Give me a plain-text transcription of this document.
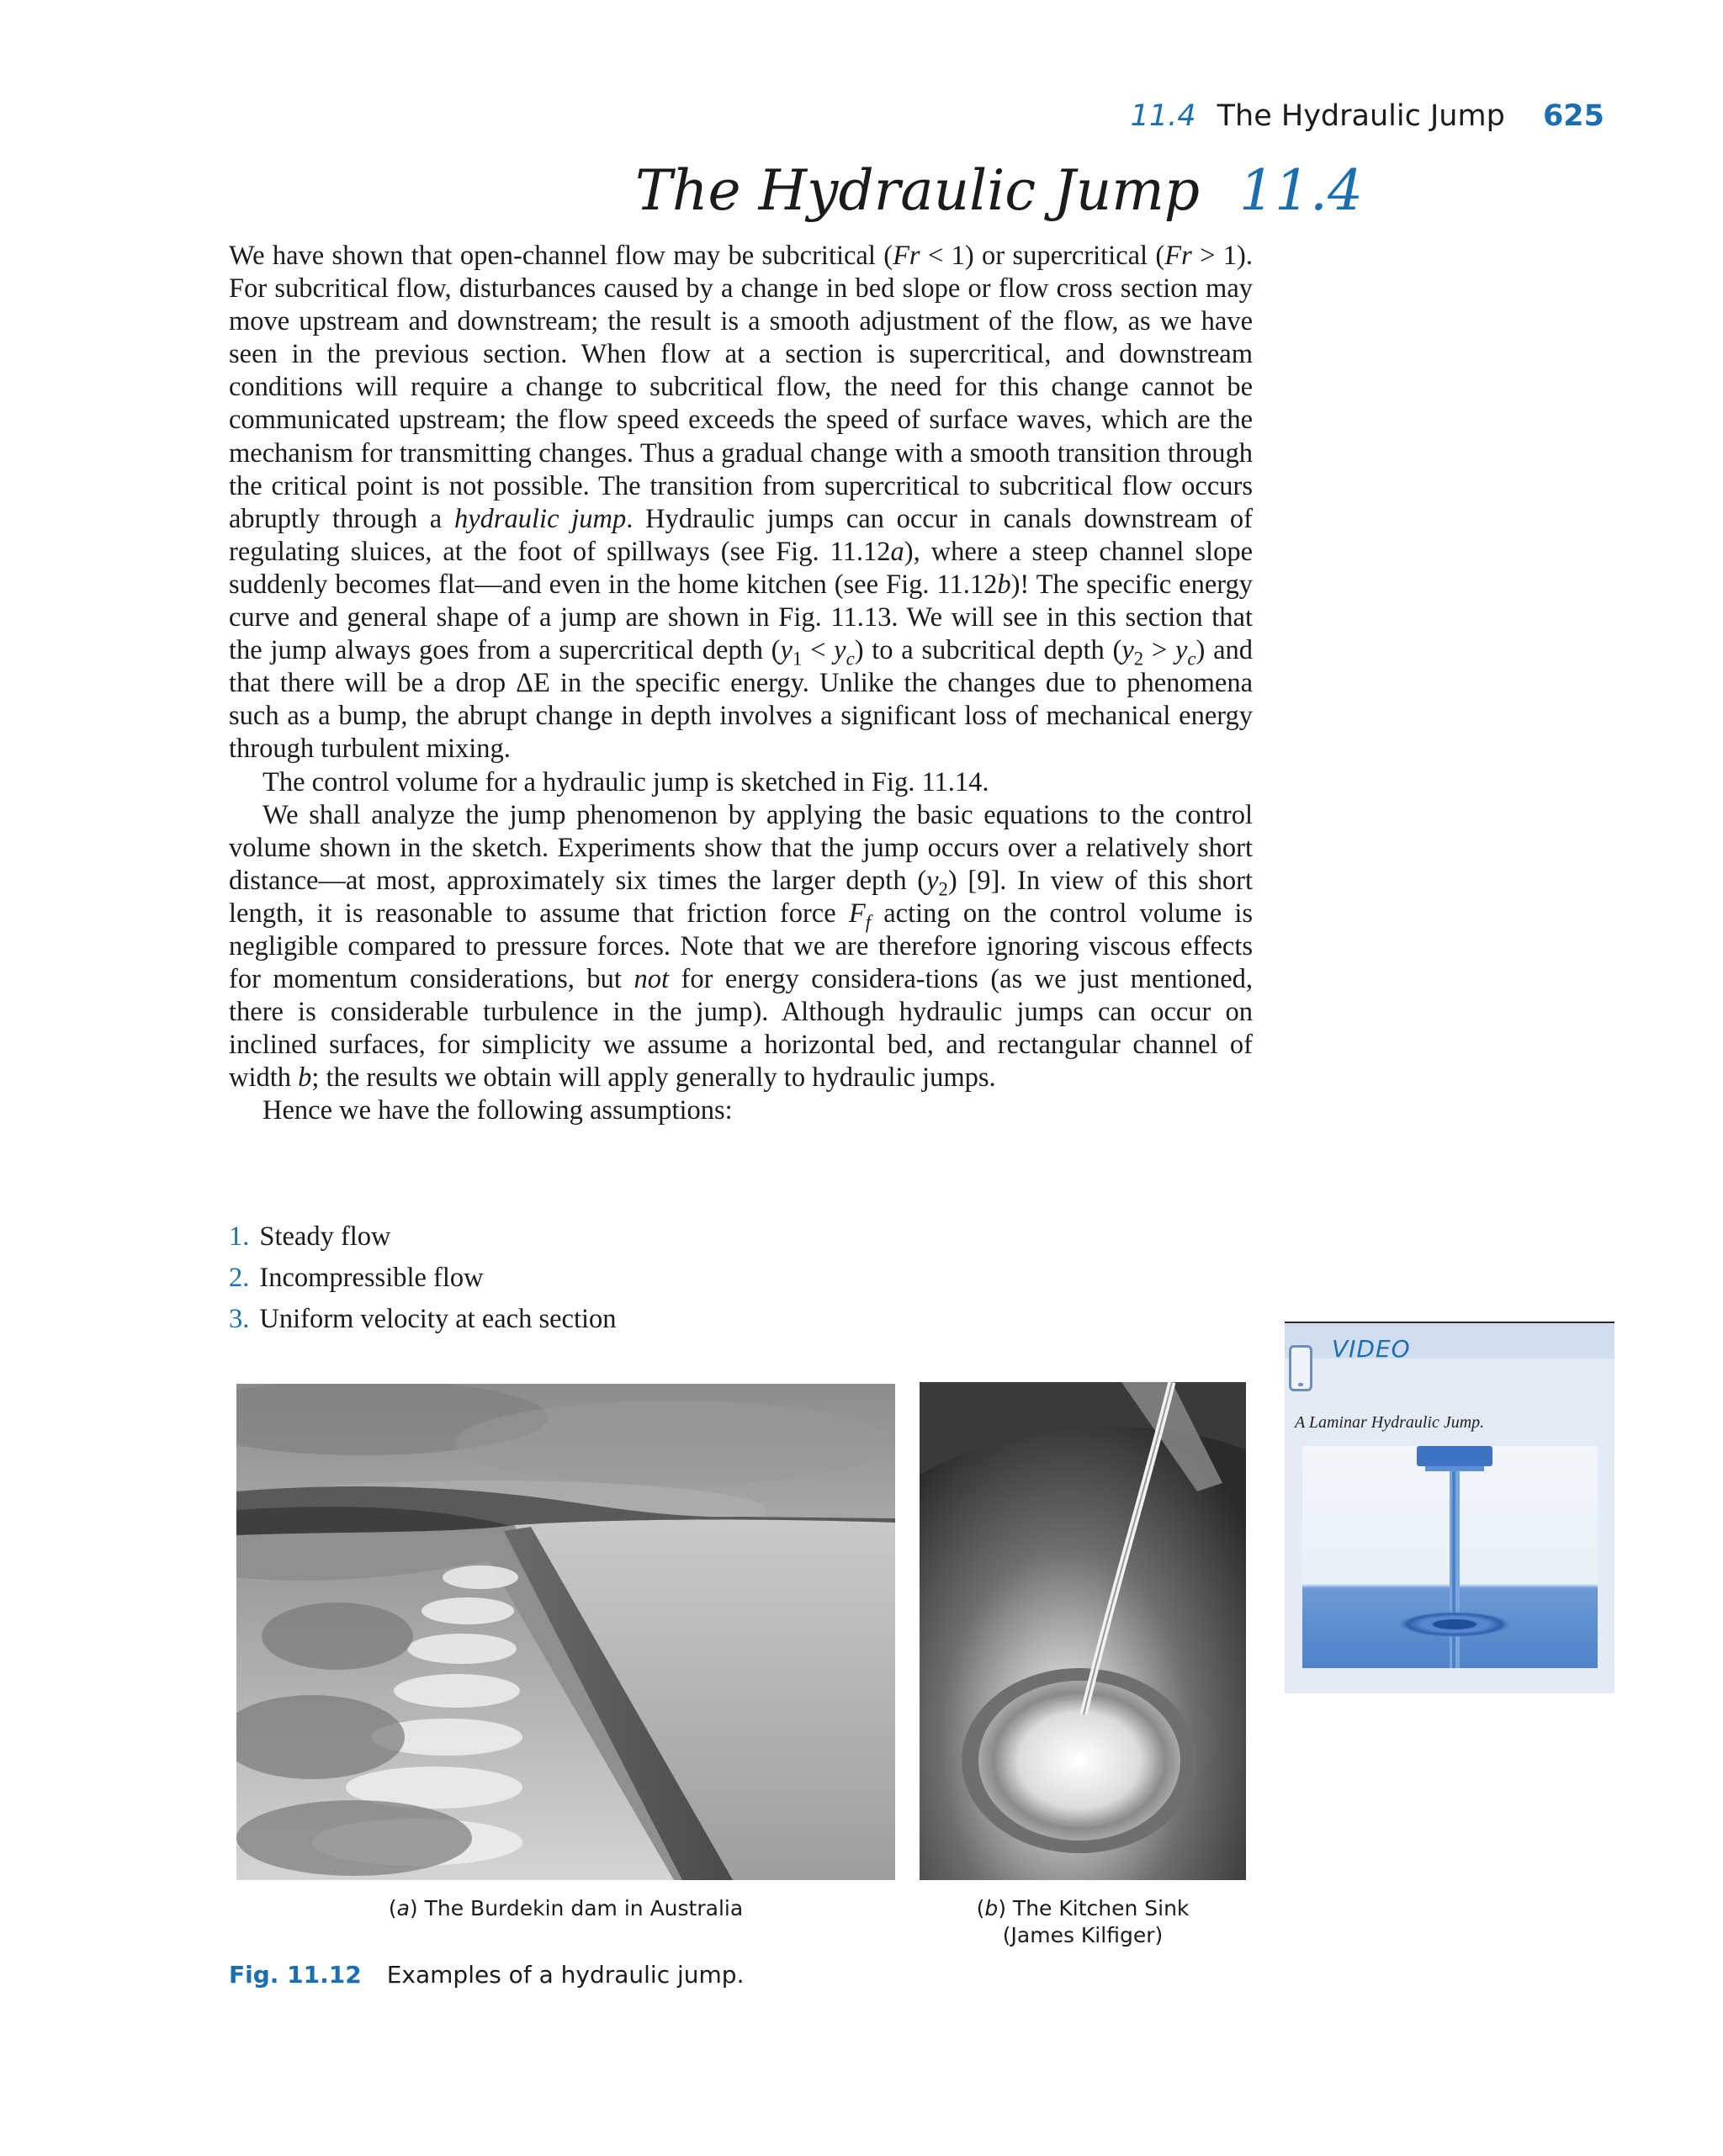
11.4 The Hydraulic Jump 625
The Hydraulic Jump 11.4

We have shown that open-channel flow may be subcritical (Fr < 1) or supercritical (Fr > 1). For subcritical flow, disturbances caused by a change in bed slope or flow cross section may move upstream and downstream; the result is a smooth adjustment of the flow, as we have seen in the previous section. When flow at a section is supercritical, and downstream conditions will require a change to subcritical flow, the need for this change cannot be communicated upstream; the flow speed exceeds the speed of surface waves, which are the mechanism for transmitting changes. Thus a gradual change with a smooth transition through the critical point is not possible. The transition from supercritical to subcritical flow occurs abruptly through a hydraulic jump. Hydraulic jumps can occur in canals downstream of regulating sluices, at the foot of spillways (see Fig. 11.12a), where a steep channel slope suddenly becomes flat—and even in the home kitchen (see Fig. 11.12b)! The specific energy curve and general shape of a jump are shown in Fig. 11.13. We will see in this section that the jump always goes from a supercritical depth $(y_1 < y_c)$ to a subcritical depth $(y_2 > y_c)$ and that there will be a drop ΔE in the specific energy. Unlike the changes due to phenomena such as a bump, the abrupt change in depth involves a significant loss of mechanical energy through turbulent mixing.

The control volume for a hydraulic jump is sketched in Fig. 11.14.

We shall analyze the jump phenomenon by applying the basic equations to the control volume shown in the sketch. Experiments show that the jump occurs over a relatively short distance—at most, approximately six times the larger depth $(y_2)$ [9]. In view of this short length, it is reasonable to assume that friction force $F_f$ acting on the control volume is negligible compared to pressure forces. Note that we are therefore ignoring viscous effects for momentum considerations, but not for energy considera-tions (as we just mentioned, there is considerable turbulence in the jump). Although hydraulic jumps can occur on inclined surfaces, for simplicity we assume a horizontal bed, and rectangular channel of width b; the results we obtain will apply generally to hydraulic jumps.

Hence we have the following assumptions:

1. Steady flow
2. Incompressible flow
3. Uniform velocity at each section
VIDEO
A Laminar Hydraulic Jump.
(a) The Burdekin dam in Australia	(b) The Kitchen Sink
(James Kilfiger)
Fig. 11.12 Examples of a hydraulic jump.
